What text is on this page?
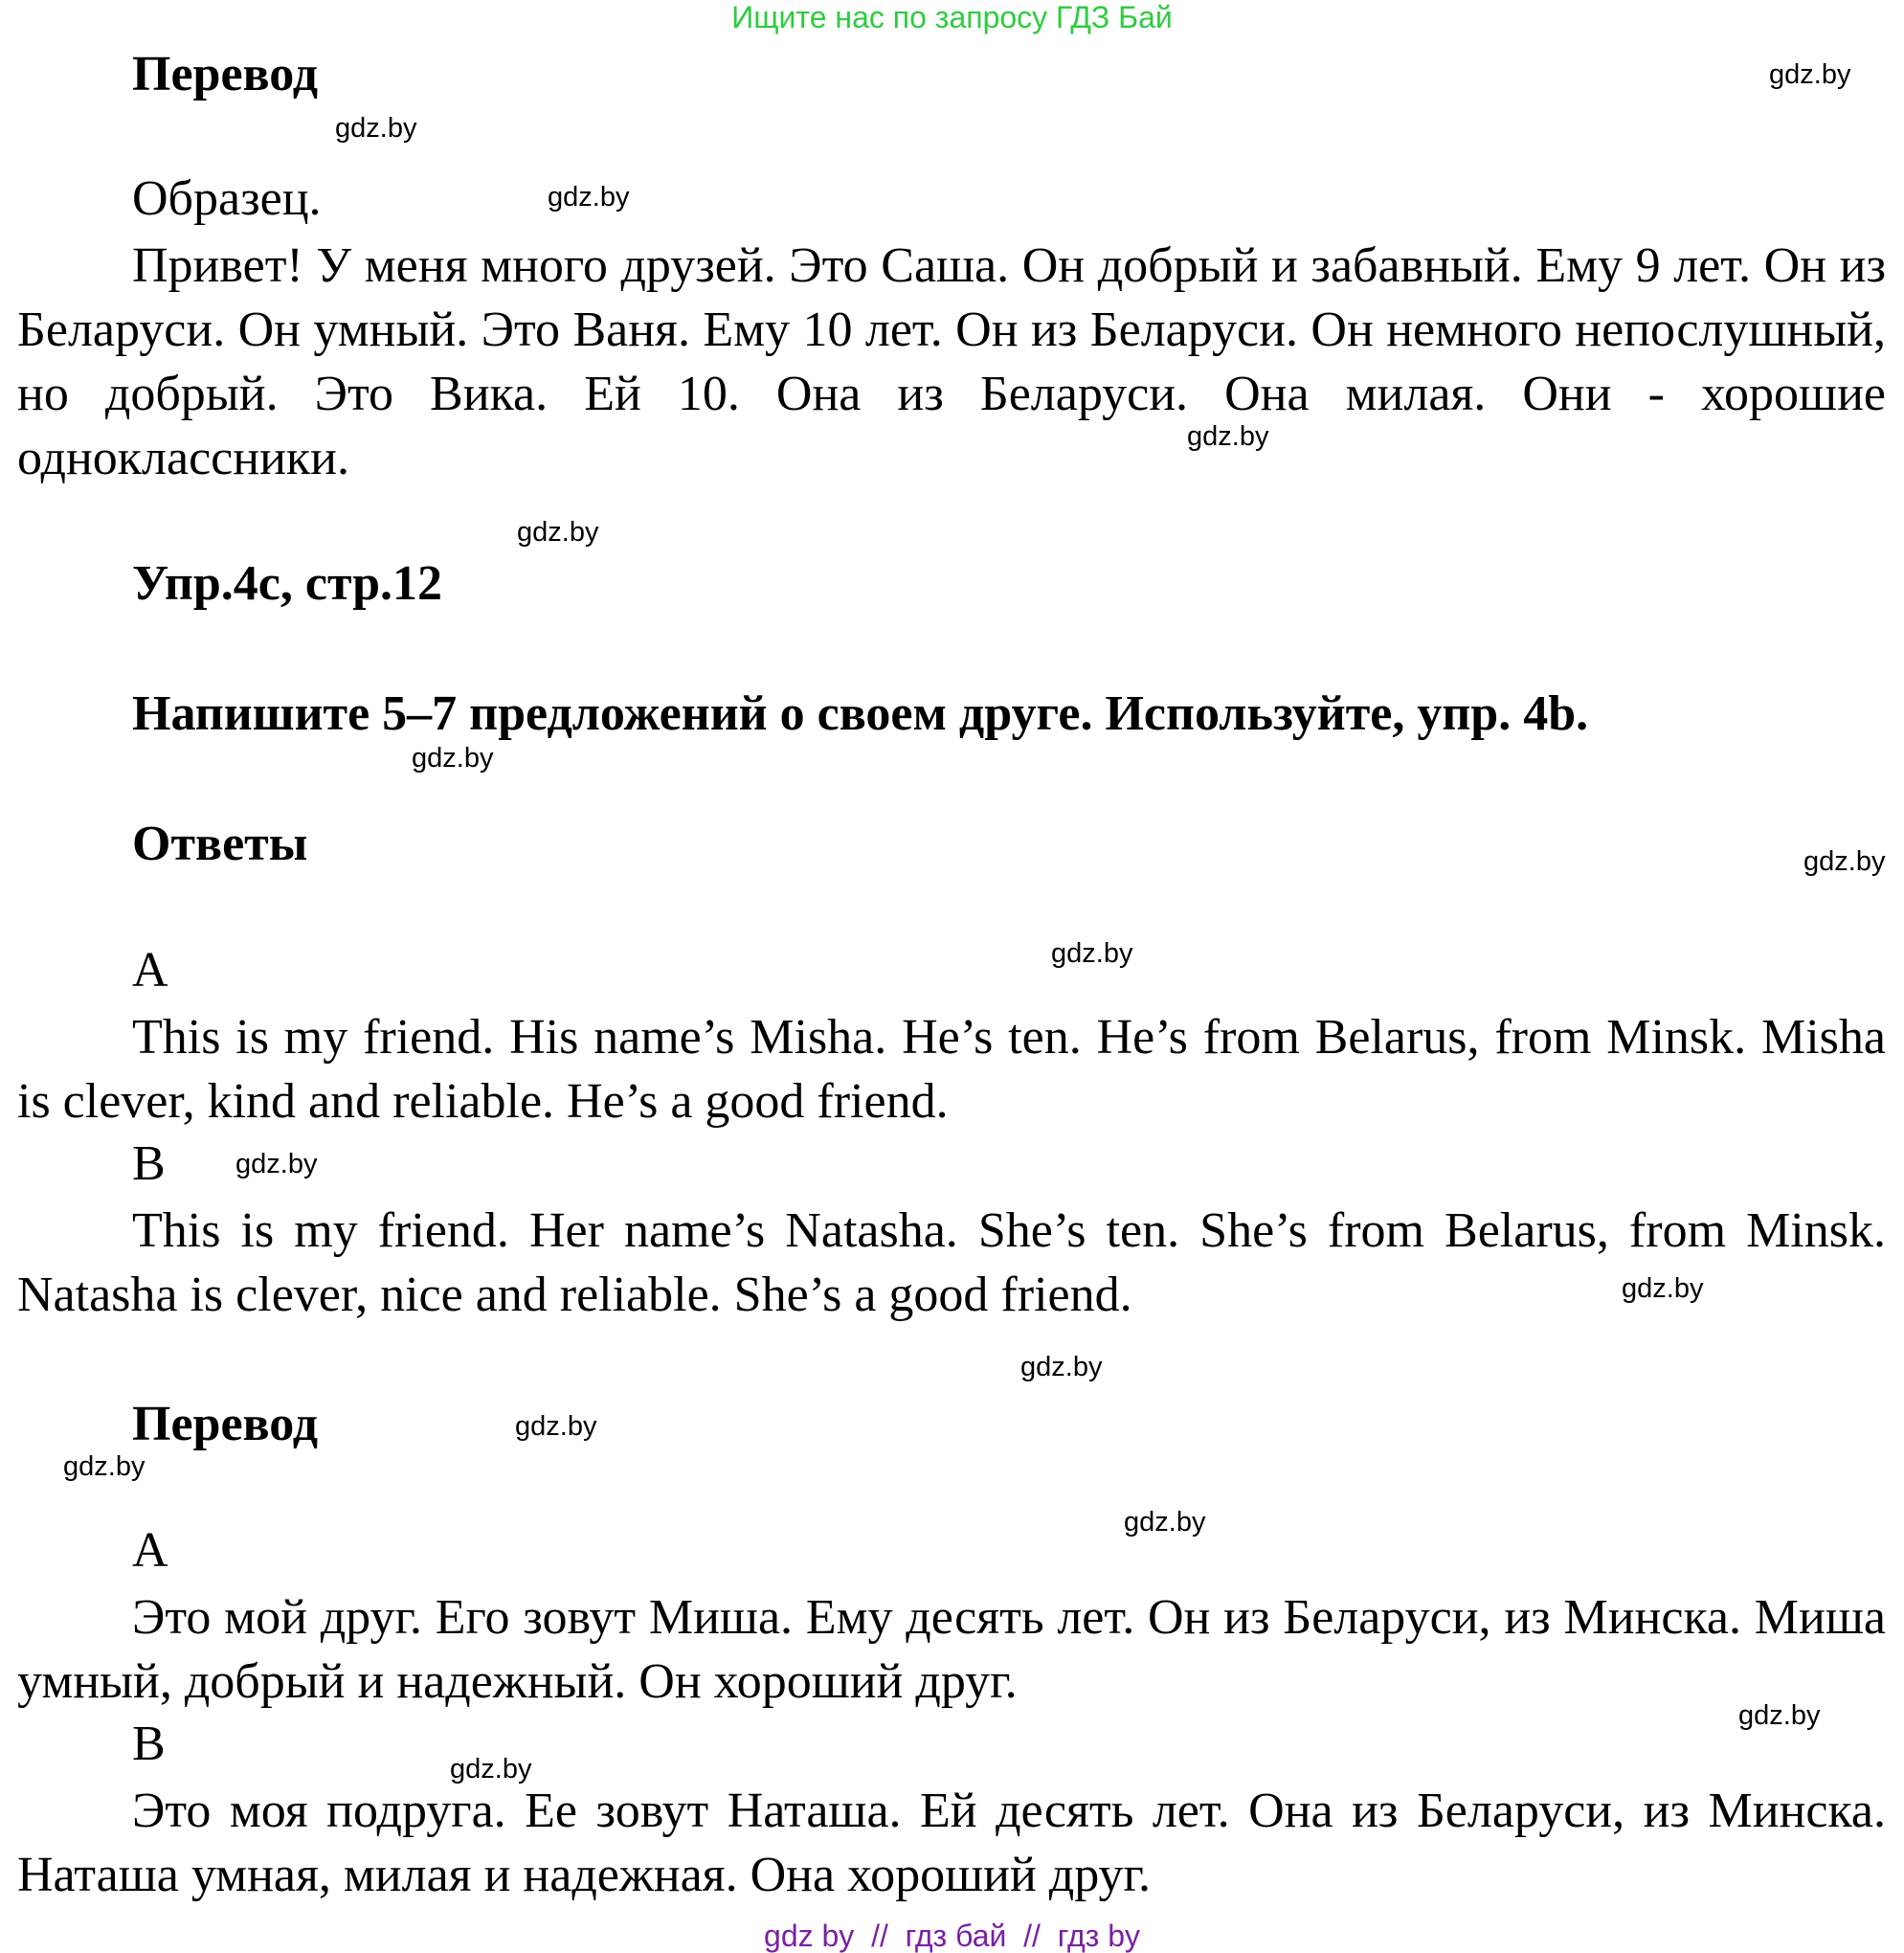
Ищите нас по запросу ГДЗ Бай
Перевод
Образец.
Привет! У меня много друзей. Это Саша. Он добрый и забавный. Ему 9 лет. Он из Беларуси. Он умный. Это Ваня. Ему 10 лет. Он из Беларуси. Он немного непослушный, но добрый. Это Вика. Ей 10. Она из Беларуси. Она милая. Они - хорошие одноклассники.
Упр.4c, стр.12
Напишите 5–7 предложений о своем друге. Используйте, упр. 4b.
Ответы
A
This is my friend. His name’s Misha. He’s ten. He’s from Belarus, from Minsk. Misha is clever, kind and reliable. He’s a good friend.
B
This is my friend. Her name’s Natasha. She’s ten. She’s from Belarus, from Minsk. Natasha is clever, nice and reliable. She’s a good friend.
Перевод
A
Это мой друг. Его зовут Миша. Ему десять лет. Он из Беларуси, из Минска. Миша умный, добрый и надежный. Он хороший друг.
B
Это моя подруга. Ее зовут Наташа. Ей десять лет. Она из Беларуси, из Минска. Наташа умная, милая и надежная. Она хороший друг.
gdz.by
gdz.by
gdz.by
gdz.by
gdz.by
gdz.by
gdz.by
gdz.by
gdz.by
gdz.by
gdz.by
gdz.by
gdz.by
gdz.by
gdz.by
gdz.by
gdz by  //  гдз бай  //  гдз by
